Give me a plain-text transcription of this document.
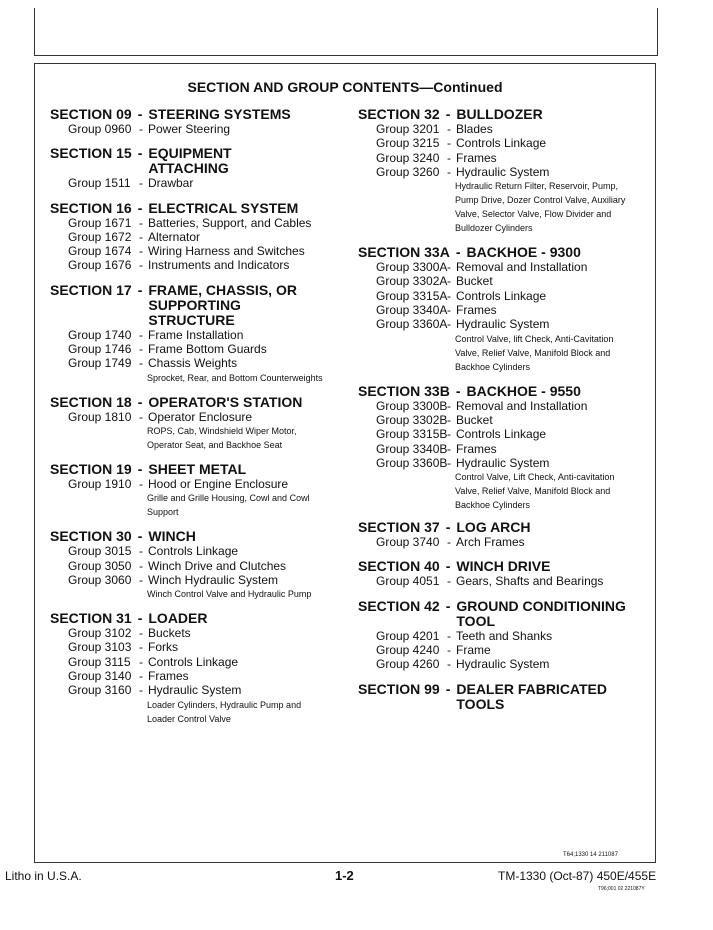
SECTION AND GROUP CONTENTS—Continued
SECTION 09 - STEERING SYSTEMS
Group 0960 - Power Steering
SECTION 15 - EQUIPMENT
ATTACHING
Group 1511 - Drawbar
SECTION 16 - ELECTRICAL SYSTEM
Group 1671 - Batteries, Support, and Cables
Group 1672 - Alternator
Group 1674 - Wiring Harness and Switches
Group 1676 - Instruments and Indicators
SECTION 17 - FRAME, CHASSIS, OR
SUPPORTING
STRUCTURE
Group 1740 - Frame Installation
Group 1746 - Frame Bottom Guards
Group 1749 - Chassis Weights
Sprocket, Rear, and Bottom Counterweights
SECTION 18 - OPERATOR'S STATION
Group 1810 - Operator Enclosure
ROPS, Cab, Windshield Wiper Motor,
Operator Seat, and Backhoe Seat
SECTION 19 - SHEET METAL
Group 1910 - Hood or Engine Enclosure
Grille and Grille Housing, Cowl and Cowl
Support
SECTION 30 - WINCH
Group 3015 - Controls Linkage
Group 3050 - Winch Drive and Clutches
Group 3060 - Winch Hydraulic System
Winch Control Valve and Hydraulic Pump
SECTION 31 - LOADER
Group 3102 - Buckets
Group 3103 - Forks
Group 3115 - Controls Linkage
Group 3140 - Frames
Group 3160 - Hydraulic System
Loader Cylinders, Hydraulic Pump and
Loader Control Valve
SECTION 32 - BULLDOZER
Group 3201 - Blades
Group 3215 - Controls Linkage
Group 3240 - Frames
Group 3260 - Hydraulic System
Hydraulic Return Filter, Reservoir, Pump,
Pump Drive, Dozer Control Valve, Auxiliary
Valve, Selector Valve, Flow Divider and
Bulldozer Cylinders
SECTION 33A - BACKHOE - 9300
Group 3300A - Removal and Installation
Group 3302A - Bucket
Group 3315A - Controls Linkage
Group 3340A - Frames
Group 3360A - Hydraulic System
Control Valve, lift Check, Anti-Cavitation
Valve, Relief Valve, Manifold Block and
Backhoe Cylinders
SECTION 33B - BACKHOE - 9550
Group 3300B - Removal and Installation
Group 3302B - Bucket
Group 3315B - Controls Linkage
Group 3340B - Frames
Group 3360B - Hydraulic System
Control Valve, Lift Check, Anti-cavitation
Valve, Relief Valve, Manifold Block and
Backhoe Cylinders
SECTION 37 - LOG ARCH
Group 3740 - Arch Frames
SECTION 40 - WINCH DRIVE
Group 4051 - Gears, Shafts and Bearings
SECTION 42 - GROUND CONDITIONING
TOOL
Group 4201 - Teeth and Shanks
Group 4240 - Frame
Group 4260 - Hydraulic System
SECTION 99 - DEALER FABRICATED
TOOLS
T64;1330 14 211087
Litho in U.S.A.	1-2	TM-1330 (Oct-87) 450E/455E
T96;001 02 221087Y
